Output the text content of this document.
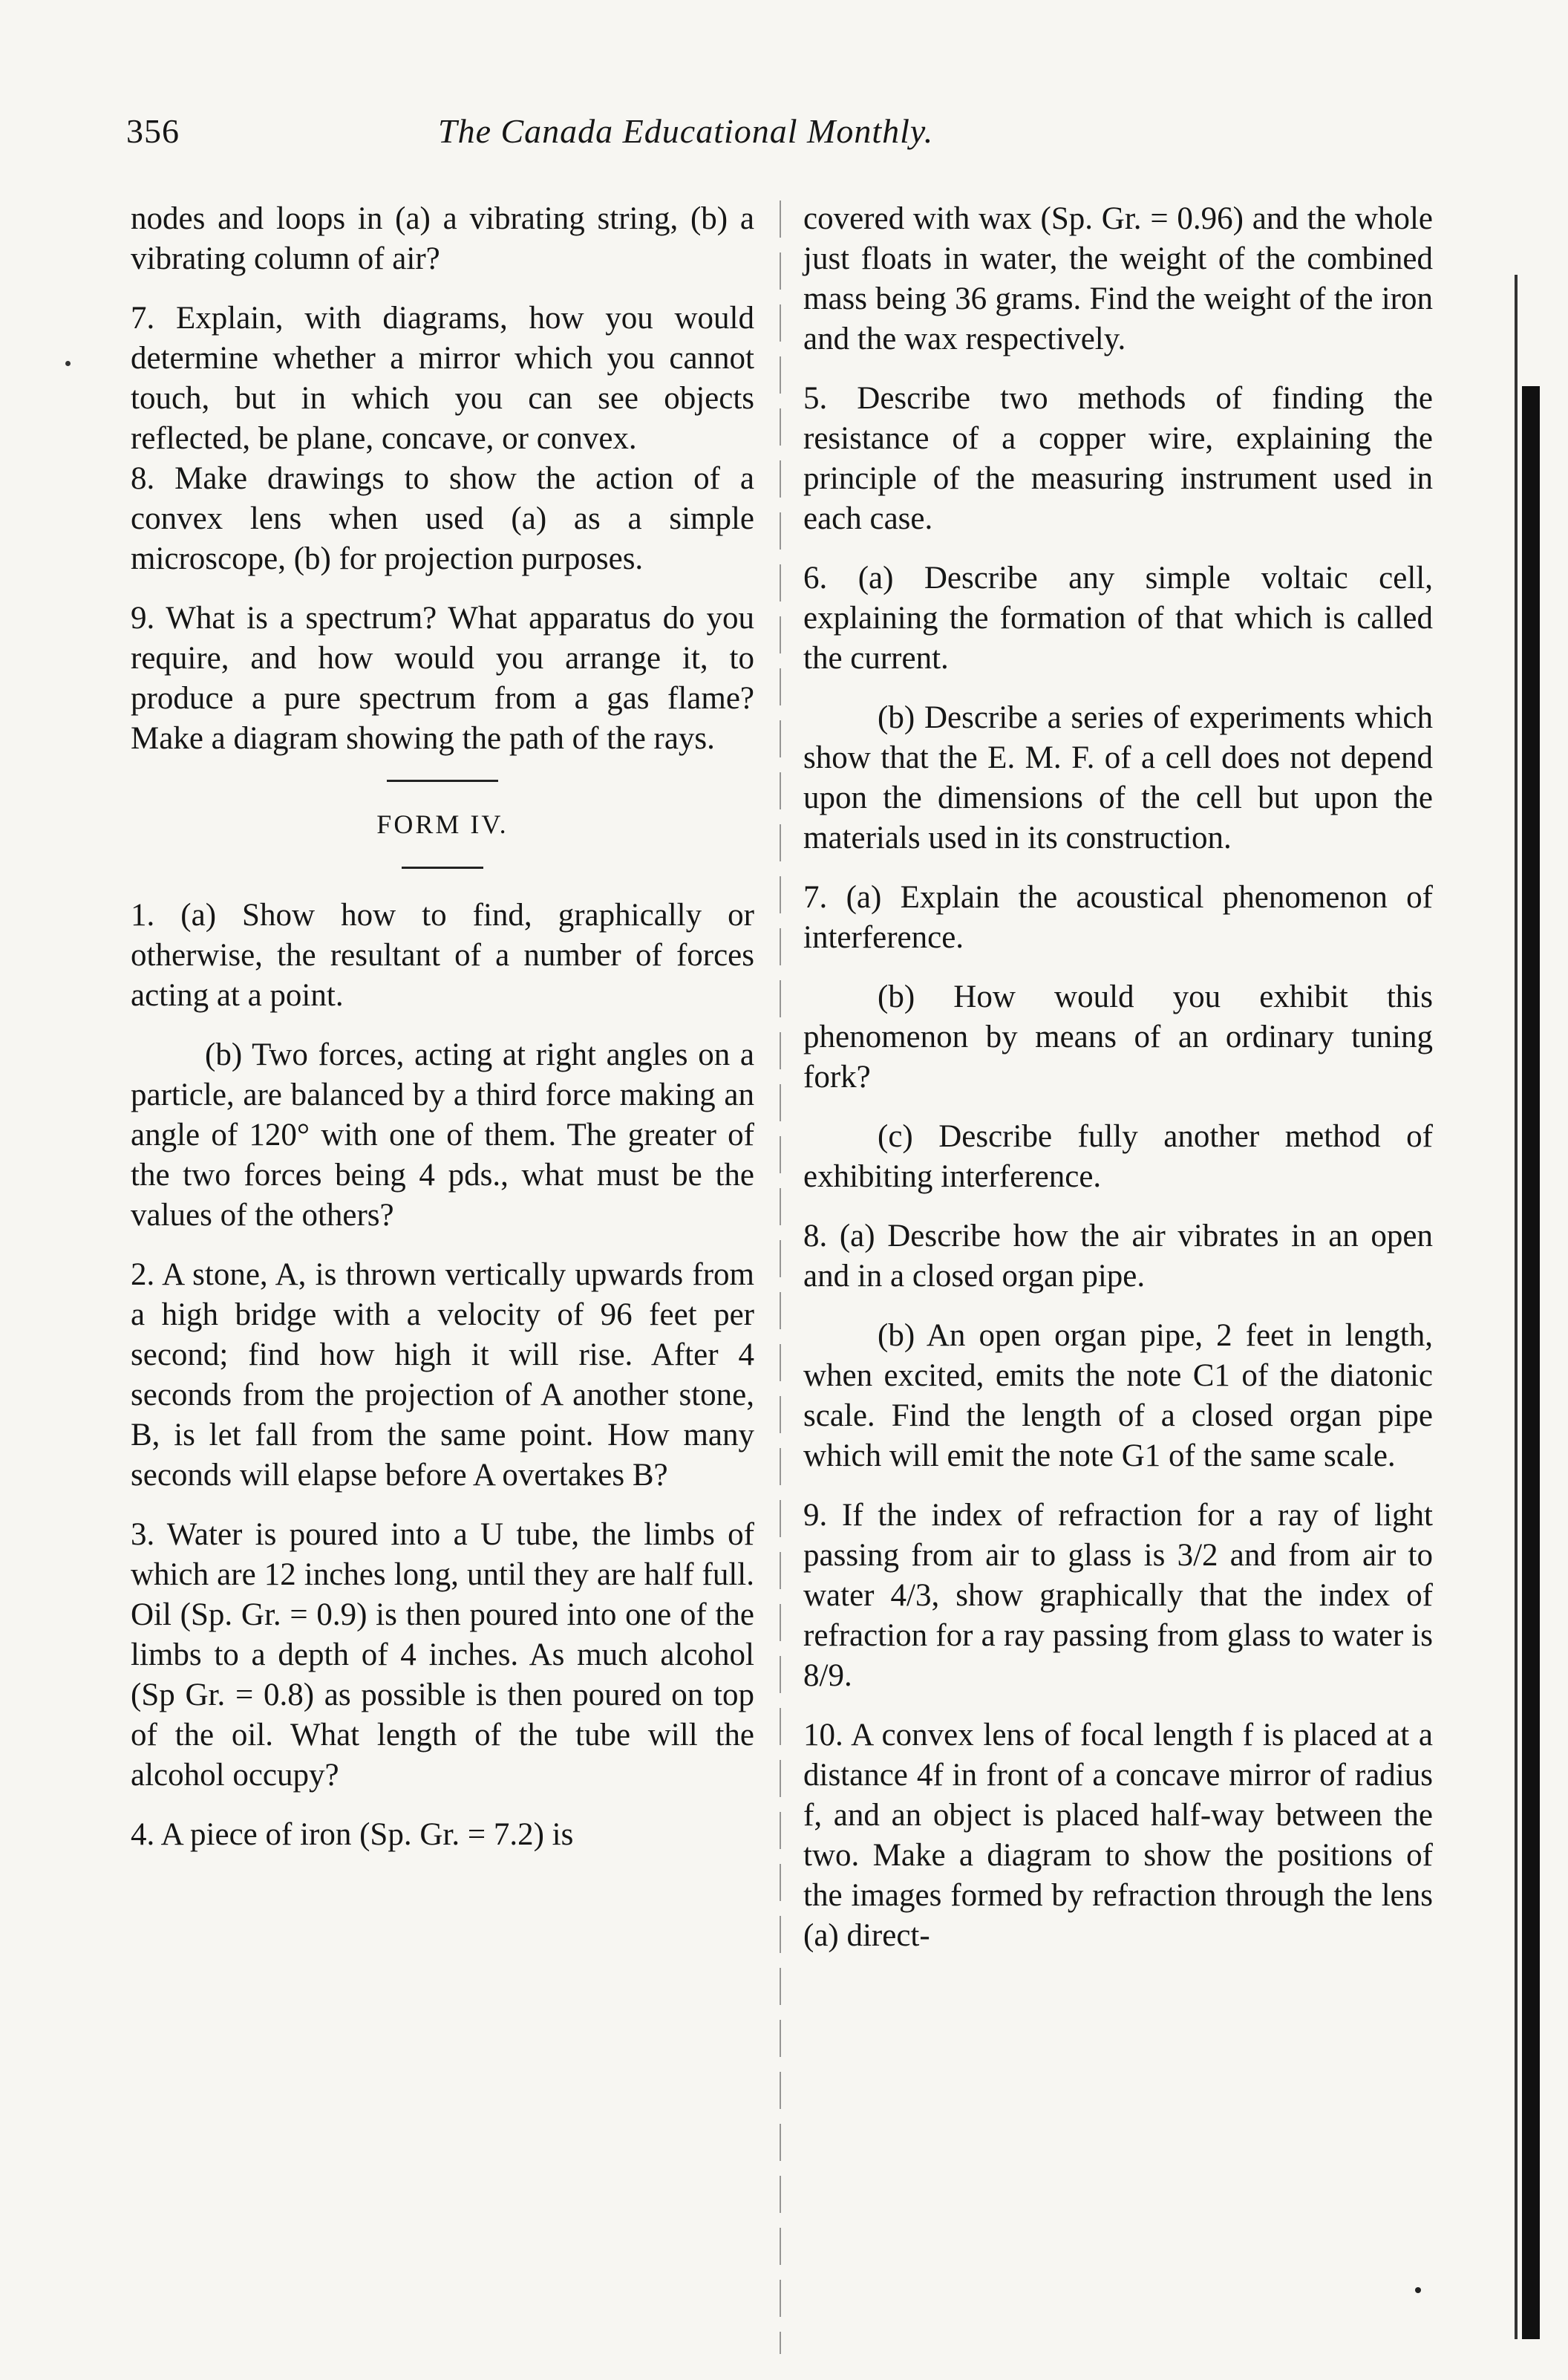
356	The Canada Educational Monthly.

nodes and loops in (a) a vibrating string, (b) a vibrating column of air?

7. Explain, with diagrams, how you would determine whether a mirror which you cannot touch, but in which you can see objects reflected, be plane, concave, or convex.

8. Make drawings to show the action of a convex lens when used (a) as a simple microscope, (b) for projection purposes.

9. What is a spectrum? What apparatus do you require, and how would you arrange it, to produce a pure spectrum from a gas flame? Make a diagram showing the path of the rays.

FORM IV.

1. (a) Show how to find, graphically or otherwise, the resultant of a number of forces acting at a point.

(b) Two forces, acting at right angles on a particle, are balanced by a third force making an angle of 120° with one of them. The greater of the two forces being 4 pds., what must be the values of the others?

2. A stone, A, is thrown vertically upwards from a high bridge with a velocity of 96 feet per second; find how high it will rise. After 4 seconds from the projection of A another stone, B, is let fall from the same point. How many seconds will elapse before A overtakes B?

3. Water is poured into a U tube, the limbs of which are 12 inches long, until they are half full. Oil (Sp. Gr. = 0.9) is then poured into one of the limbs to a depth of 4 inches. As much alcohol (Sp Gr. = 0.8) as possible is then poured on top of the oil. What length of the tube will the alcohol occupy?

4. A piece of iron (Sp. Gr. = 7.2) is

covered with wax (Sp. Gr. = 0.96) and the whole just floats in water, the weight of the combined mass being 36 grams. Find the weight of the iron and the wax respectively.

5. Describe two methods of finding the resistance of a copper wire, explaining the principle of the measuring instrument used in each case.

6. (a) Describe any simple voltaic cell, explaining the formation of that which is called the current.

(b) Describe a series of experiments which show that the E. M. F. of a cell does not depend upon the dimensions of the cell but upon the materials used in its construction.

7. (a) Explain the acoustical phenomenon of interference.

(b) How would you exhibit this phenomenon by means of an ordinary tuning fork?

(c) Describe fully another method of exhibiting interference.

8. (a) Describe how the air vibrates in an open and in a closed organ pipe.

(b) An open organ pipe, 2 feet in length, when excited, emits the note C1 of the diatonic scale. Find the length of a closed organ pipe which will emit the note G1 of the same scale.

9. If the index of refraction for a ray of light passing from air to glass is 3/2 and from air to water 4/3, show graphically that the index of refraction for a ray passing from glass to water is 8/9.

10. A convex lens of focal length f is placed at a distance 4f in front of a concave mirror of radius f, and an object is placed half-way between the two. Make a diagram to show the positions of the images formed by refraction through the lens (a) direct-
